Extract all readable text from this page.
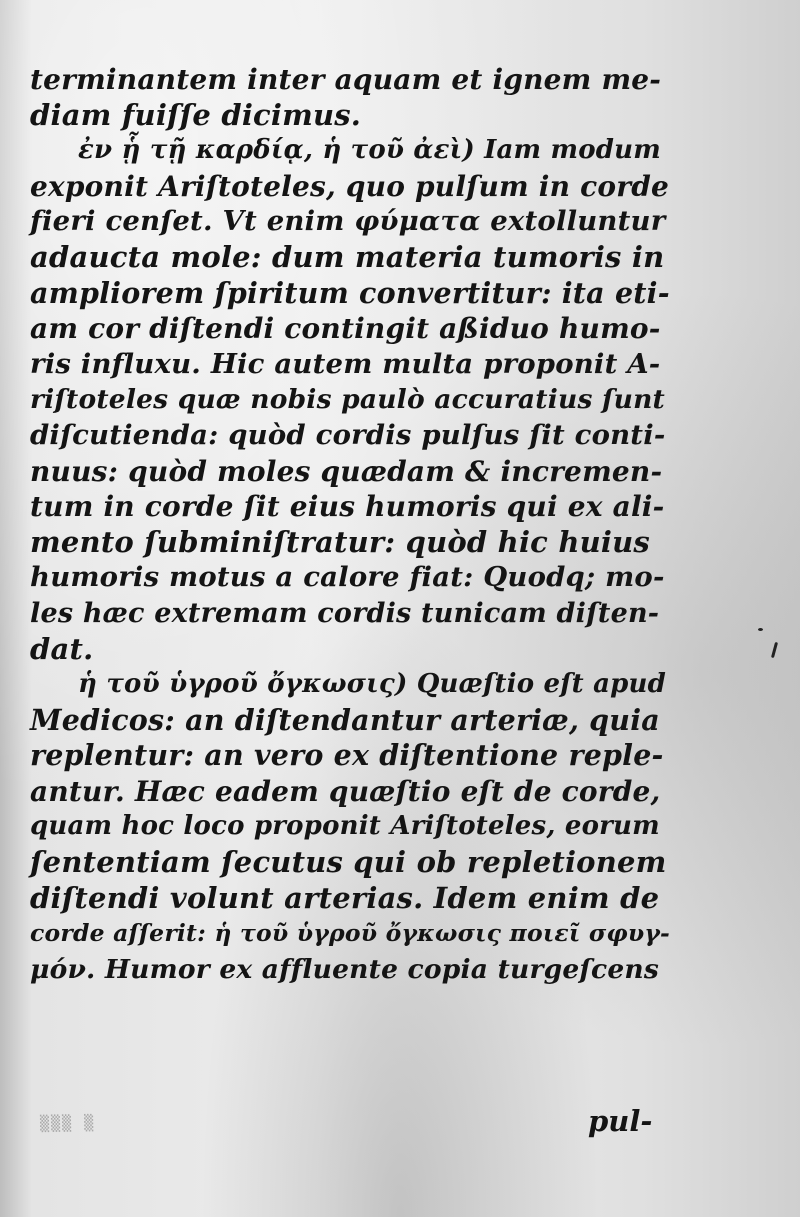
terminantem inter aquam et ignem me-
diam fuiſſe dicimus.
ἐν ᾗ τῇ καρδίᾳ, ἡ τοῦ ἀεὶ) Iam modum
exponit Ariſtoteles, quo pulſum in corde
fieri cenſet. Vt enim φύματα extolluntur
adaucta mole: dum materia tumoris in
ampliorem ſpiritum convertitur: ita eti-
am cor diſtendi contingit aßiduo humo-
ris influxu. Hic autem multa proponit A-
riſtoteles quæ nobis paulò accuratius ſunt
diſcutienda: quòd cordis pulſus ſit conti-
nuus: quòd moles quædam & incremen-
tum in corde ſit eius humoris qui ex ali-
mento ſubminiſtratur: quòd hic huius
humoris motus a calore fiat: Quodq; mo-
les hæc extremam cordis tunicam diſten-
dat.
ἡ τοῦ ὑγροῦ ὄγκωσις) Quæſtio eſt apud
Medicos: an diſtendantur arteriæ, quia
replentur: an vero ex diſtentione reple-
antur. Hæc eadem quæſtio eſt de corde,
quam hoc loco proponit Ariſtoteles, eorum
ſententiam ſecutus qui ob repletionem
diſtendi volunt arterias. Idem enim de
corde aſſerit: ἡ τοῦ ὑγροῦ ὄγκωσις ποιεῖ σφυγ-
μόν. Humor ex affluente copia turgeſcens
pul-
▒▒▒ ▒
